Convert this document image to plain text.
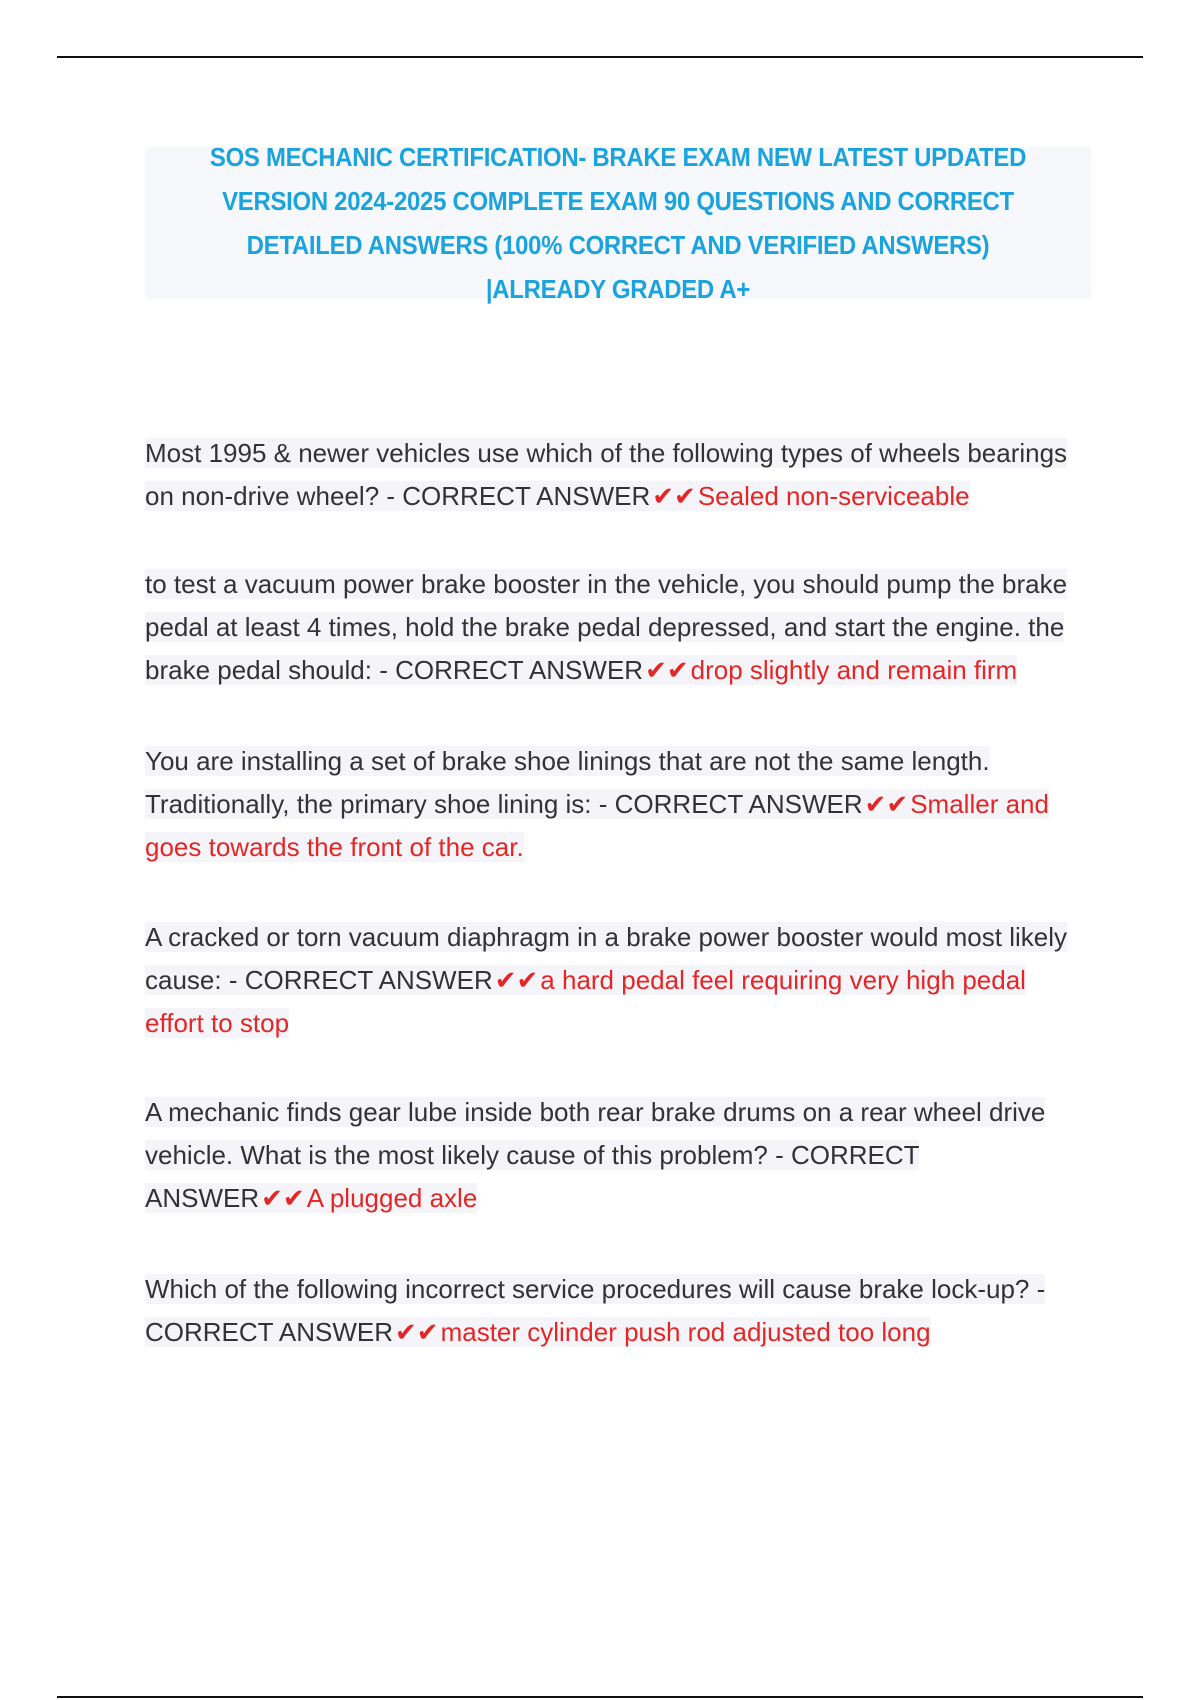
SOS MECHANIC CERTIFICATION- BRAKE EXAM NEW LATEST UPDATED VERSION 2024-2025 COMPLETE EXAM 90 QUESTIONS AND CORRECT DETAILED ANSWERS (100% CORRECT AND VERIFIED ANSWERS) |ALREADY GRADED A+

Most 1995 & newer vehicles use which of the following types of wheels bearings on non-drive wheel? - CORRECT ANSWER✔✔Sealed non-serviceable

to test a vacuum power brake booster in the vehicle, you should pump the brake pedal at least 4 times, hold the brake pedal depressed, and start the engine. the brake pedal should: - CORRECT ANSWER✔✔drop slightly and remain firm

You are installing a set of brake shoe linings that are not the same length. Traditionally, the primary shoe lining is: - CORRECT ANSWER✔✔Smaller and goes towards the front of the car.

A cracked or torn vacuum diaphragm in a brake power booster would most likely cause: - CORRECT ANSWER✔✔a hard pedal feel requiring very high pedal effort to stop

A mechanic finds gear lube inside both rear brake drums on a rear wheel drive vehicle. What is the most likely cause of this problem? - CORRECT ANSWER✔✔A plugged axle

Which of the following incorrect service procedures will cause brake lock-up? - CORRECT ANSWER✔✔master cylinder push rod adjusted too long
